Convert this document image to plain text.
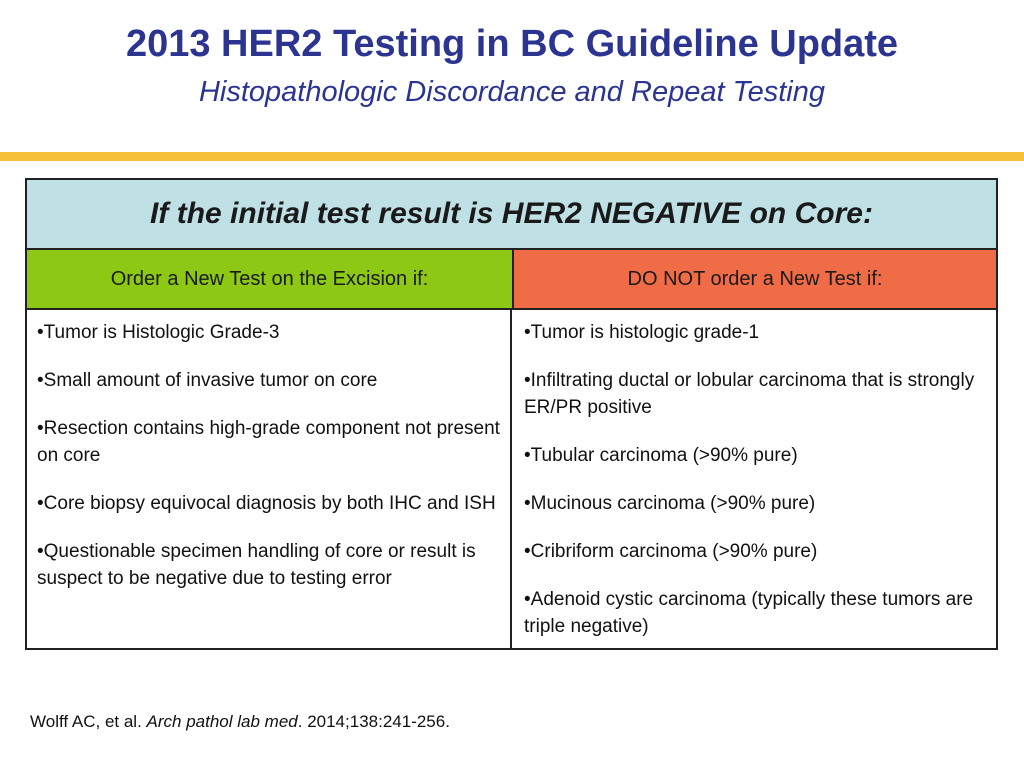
2013 HER2 Testing in BC Guideline Update
Histopathologic Discordance and Repeat Testing
If the initial test result is HER2 NEGATIVE on Core:
Order a New Test on the Excision if:	DO NOT order a New Test if:
•Tumor is Histologic Grade-3
•Small amount of invasive tumor on core
•Resection contains high-grade component not present on core
•Core biopsy equivocal diagnosis by both IHC and ISH
•Questionable specimen handling of core or result is suspect to be negative due to testing error
•Tumor is histologic grade-1
•Infiltrating ductal or lobular carcinoma that is strongly ER/PR positive
•Tubular carcinoma (>90% pure)
•Mucinous carcinoma (>90% pure)
•Cribriform carcinoma (>90% pure)
•Adenoid cystic carcinoma (typically these tumors are triple negative)
Wolff AC, et al. Arch pathol lab med. 2014;138:241-256.
